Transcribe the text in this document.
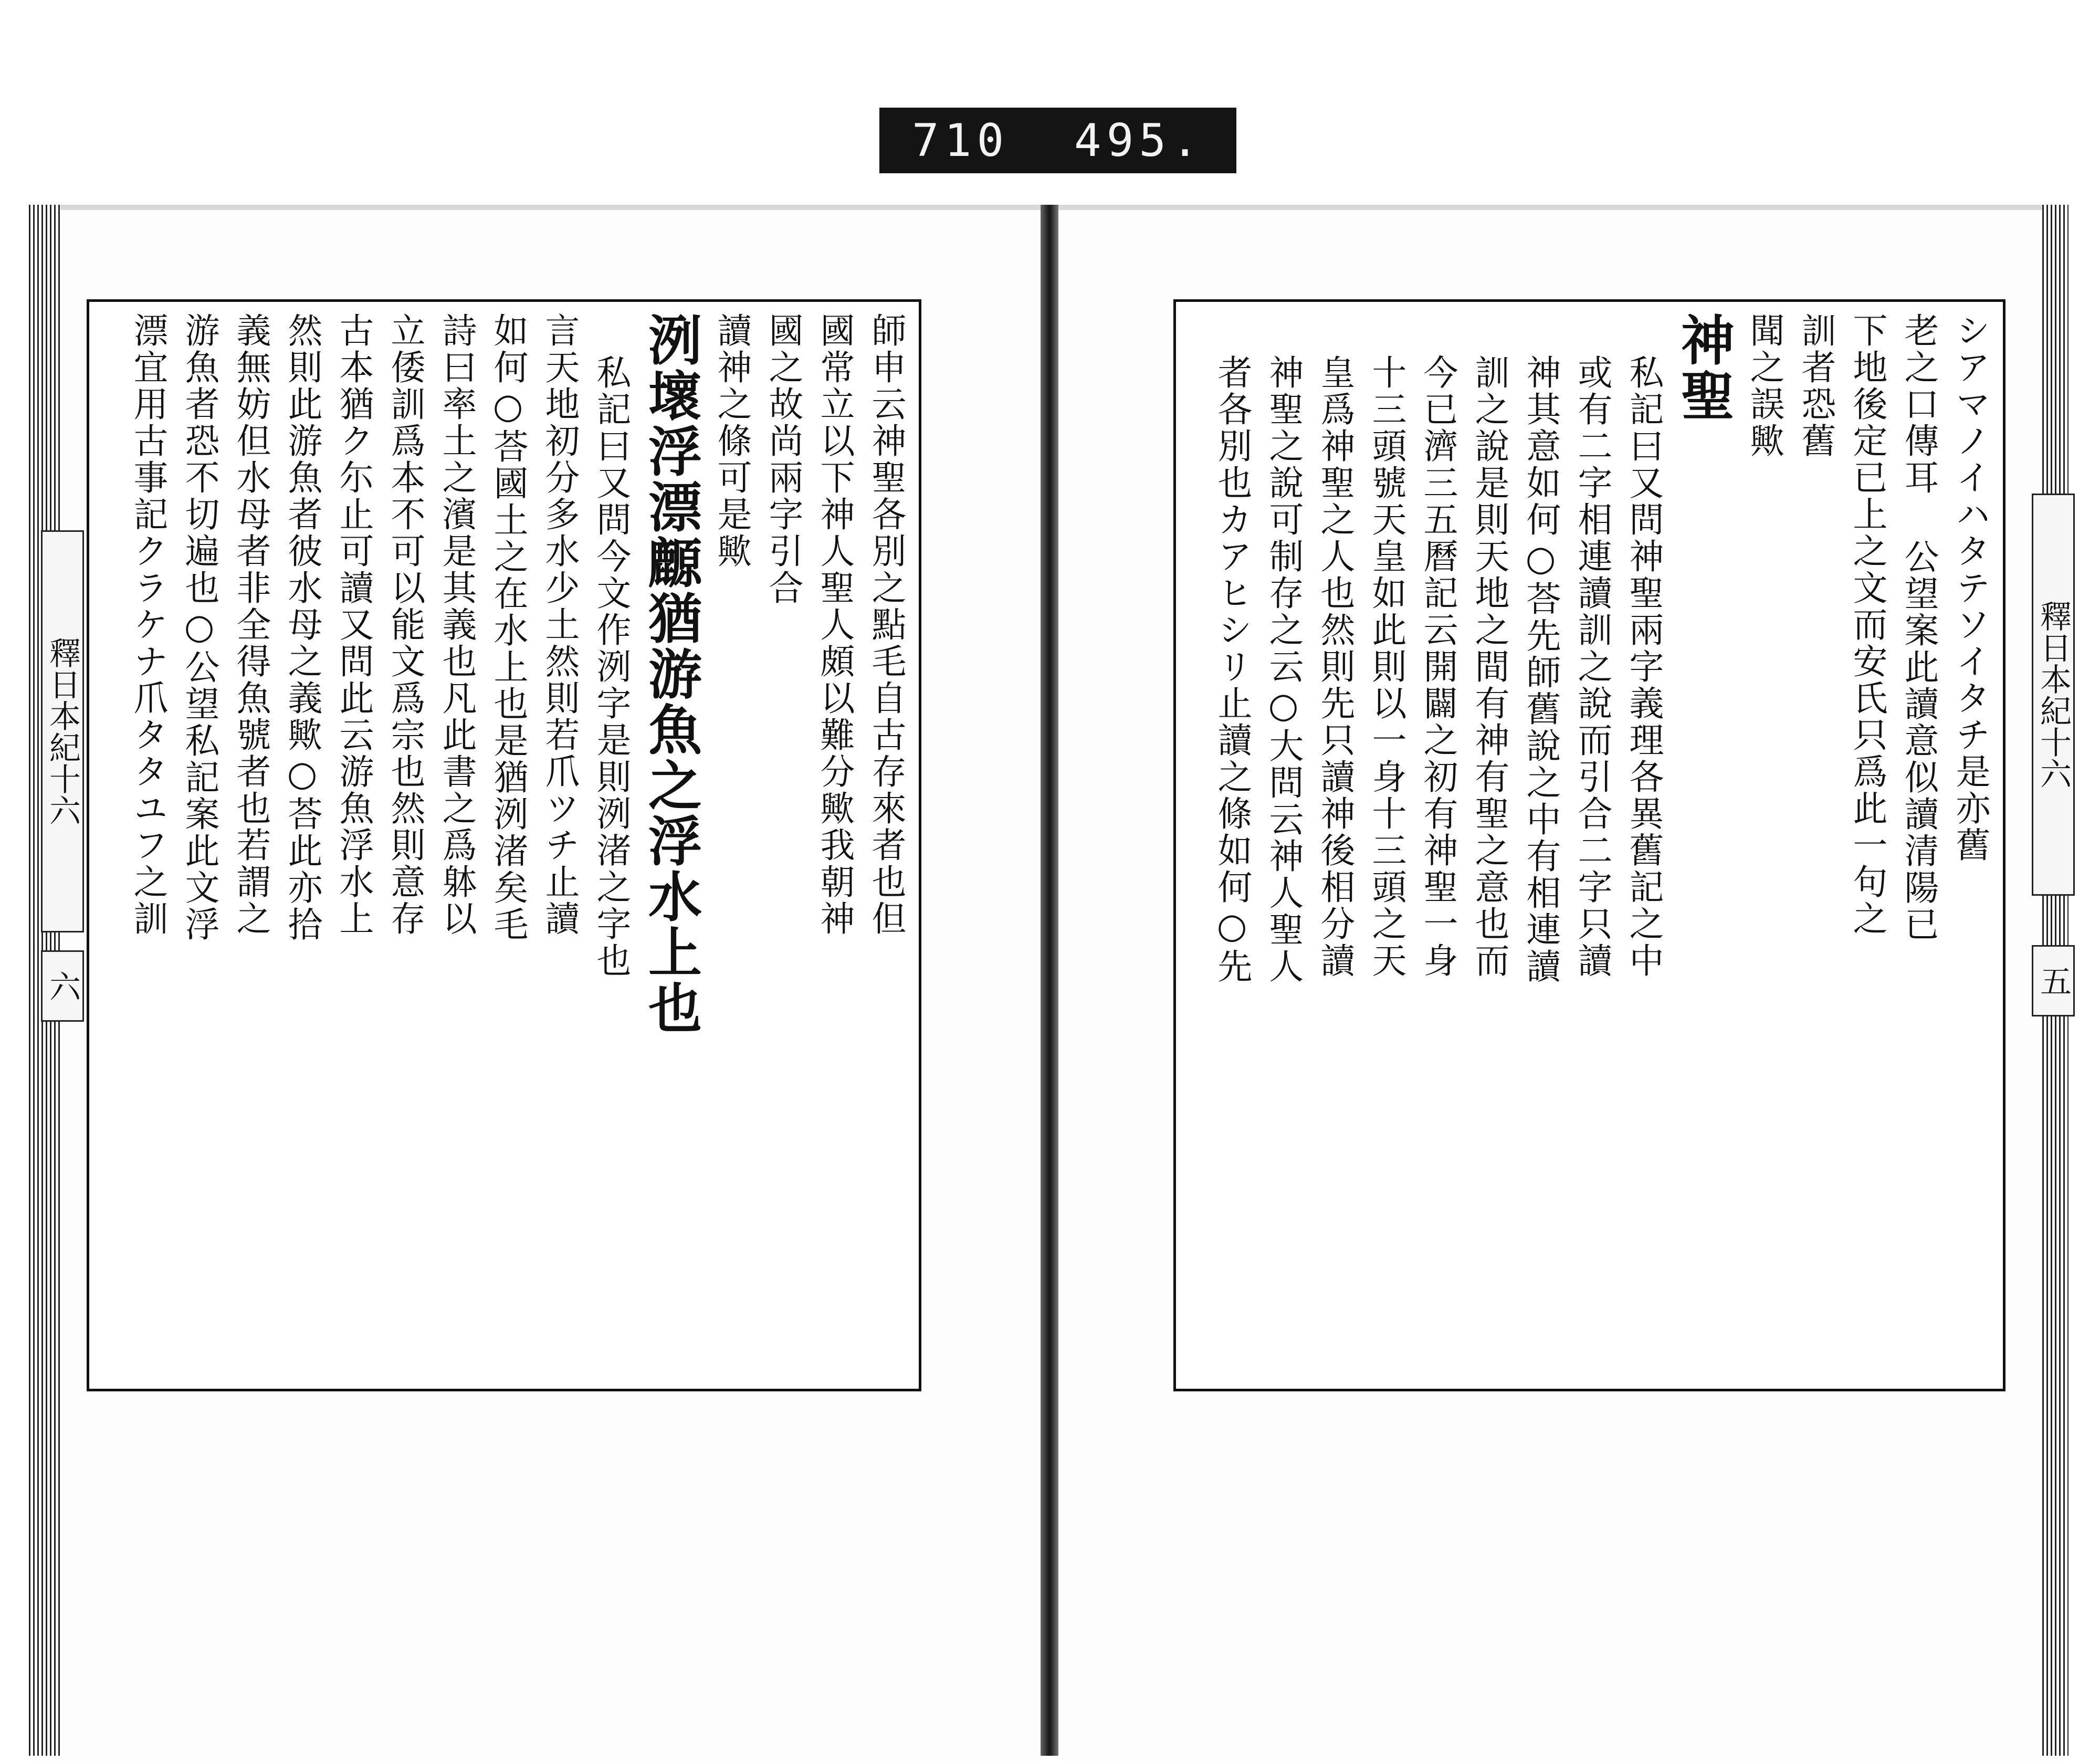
710  495.
釋日本紀十六
六
釋日本紀十六
五
シアマノイハタテソイタチ是亦舊
老之口傳耳 公望案此讀意似讀清陽已
下地後定已上之文而安氏只爲此一句之
訓者恐舊
聞之誤歟
神聖
私記曰又問神聖兩字義理各異舊記之中
或有二字相連讀訓之說而引合二字只讀
神其意如何○荅先師舊說之中有相連讀
訓之說是則天地之間有神有聖之意也而
今已濟三五曆記云開闢之初有神聖一身
十三頭號天皇如此則以一身十三頭之天
皇爲神聖之人也然則先只讀神後相分讀
神聖之說可制存之云○大問云神人聖人
者各別也カアヒシリ止讀之條如何○先
師申云神聖各別之點毛自古存來者也但
國常立以下神人聖人頗以難分歟我朝神
國之故尚兩字引合
讀神之條可是歟
洌壞浮漂䴨猶游魚之浮水上也
私記曰又問今文作洌字是則洌渚之字也
言天地初分多水少土然則若爪ツチ止讀
如何○荅國土之在水上也是猶洌渚矣毛
詩曰率土之濱是其義也凡此書之爲躰以
立倭訓爲本不可以能文爲宗也然則意存
古本猶ク尓止可讀又問此云游魚浮水上
然則此游魚者彼水母之義歟○荅此亦拾
義無妨但水母者非全得魚號者也若謂之
游魚者恐不切遍也○公望私記案此文浮
漂宜用古事記クラケナ爪タタユフ之訓
